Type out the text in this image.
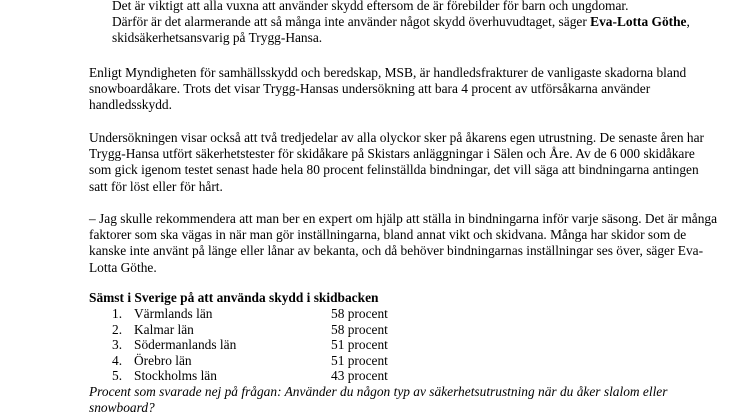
Det är viktigt att alla vuxna att använder skydd eftersom de är förebilder för barn och ungdomar.
Därför är det alarmerande att så många inte använder något skydd överhuvudtaget, säger Eva-Lotta Göthe, skidsäkerhetsansvarig på Trygg-Hansa.
Enligt Myndigheten för samhällsskydd och beredskap, MSB, är handledsfrakturer de vanligaste skadorna bland snowboardåkare. Trots det visar Trygg-Hansas undersökning att bara 4 procent av utförsåkarna använder handledsskydd.
Undersökningen visar också att två tredjedelar av alla olyckor sker på åkarens egen utrustning. De senaste åren har Trygg-Hansa utfört säkerhetstester för skidåkare på Skistars anläggningar i Sälen och Åre. Av de 6 000 skidåkare som gick igenom testet senast hade hela 80 procent felinställda bindningar, det vill säga att bindningarna antingen satt för löst eller för hårt.
– Jag skulle rekommendera att man ber en expert om hjälp att ställa in bindningarna inför varje säsong. Det är många faktorer som ska vägas in när man gör inställningarna, bland annat vikt och skidvana. Många har skidor som de kanske inte använt på länge eller lånar av bekanta, och då behöver bindningarnas inställningar ses över, säger Eva-Lotta Göthe.
Sämst i Sverige på att använda skydd i skidbacken
1. Värmlands län	58 procent
2. Kalmar län	58 procent
3. Södermanlands län	51 procent
4. Örebro län	51 procent
5. Stockholms län	43 procent
Procent som svarade nej på frågan: Använder du någon typ av säkerhetsutrustning när du åker slalom eller snowboard?
